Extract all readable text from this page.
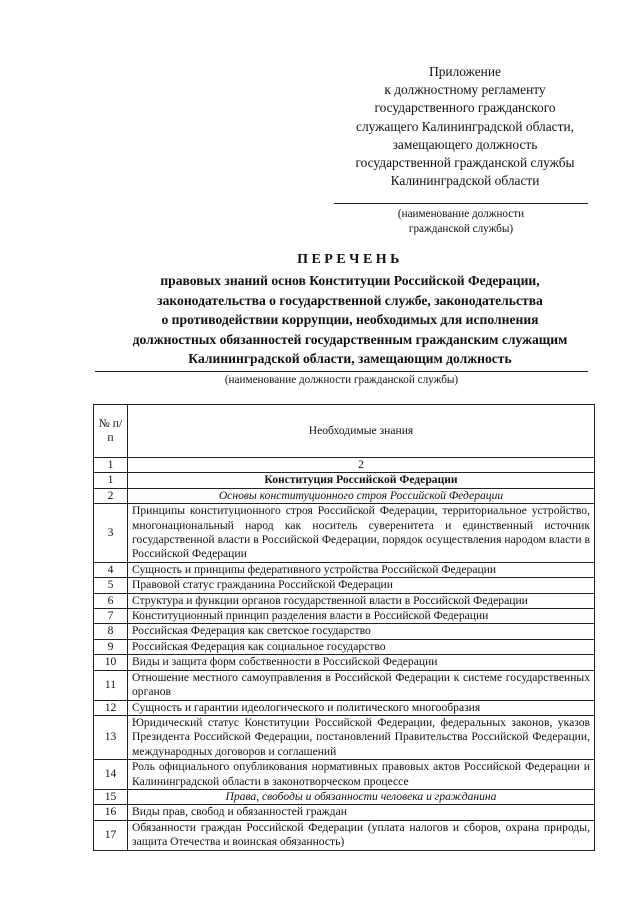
Приложение
к должностному регламенту
государственного гражданского
служащего Калининградской области,
замещающего должность
государственной гражданской службы
Калининградской области
(наименование должности
гражданской службы)
ПЕРЕЧЕНЬ
правовых знаний основ Конституции Российской Федерации,
законодательства о государственной службе, законодательства
о противодействии коррупции, необходимых для исполнения
должностных обязанностей государственным гражданским служащим
Калининградской области, замещающим должность
(наименование должности гражданской службы)
№ п/п	Необходимые знания
1	2
1	Конституция Российской Федерации
2	Основы конституционного строя Российской Федерации
3	Принципы конституционного строя Российской Федерации, территориальное устройство, многонациональный народ как носитель суверенитета и единственный источник государственной власти в Российской Федерации, порядок осуществления народом власти в Российской Федерации
4	Сущность и принципы федеративного устройства Российской Федерации
5	Правовой статус гражданина Российской Федерации
6	Структура и функции органов государственной власти в Российской Федерации
7	Конституционный принцип разделения власти в Российской Федерации
8	Российская Федерация как светское государство
9	Российская Федерация как социальное государство
10	Виды и защита форм собственности в Российской Федерации
11	Отношение местного самоуправления в Российской Федерации к системе государственных органов
12	Сущность и гарантии идеологического и политического многообразия
13	Юридический статус Конституции Российской Федерации, федеральных законов, указов Президента Российской Федерации, постановлений Правительства Российской Федерации, международных договоров и соглашений
14	Роль официального опубликования нормативных правовых актов Российской Федерации и Калининградской области в законотворческом процессе
15	Права, свободы и обязанности человека и гражданина
16	Виды прав, свобод и обязанностей граждан
17	Обязанности граждан Российской Федерации (уплата налогов и сборов, охрана природы, защита Отечества и воинская обязанность)
